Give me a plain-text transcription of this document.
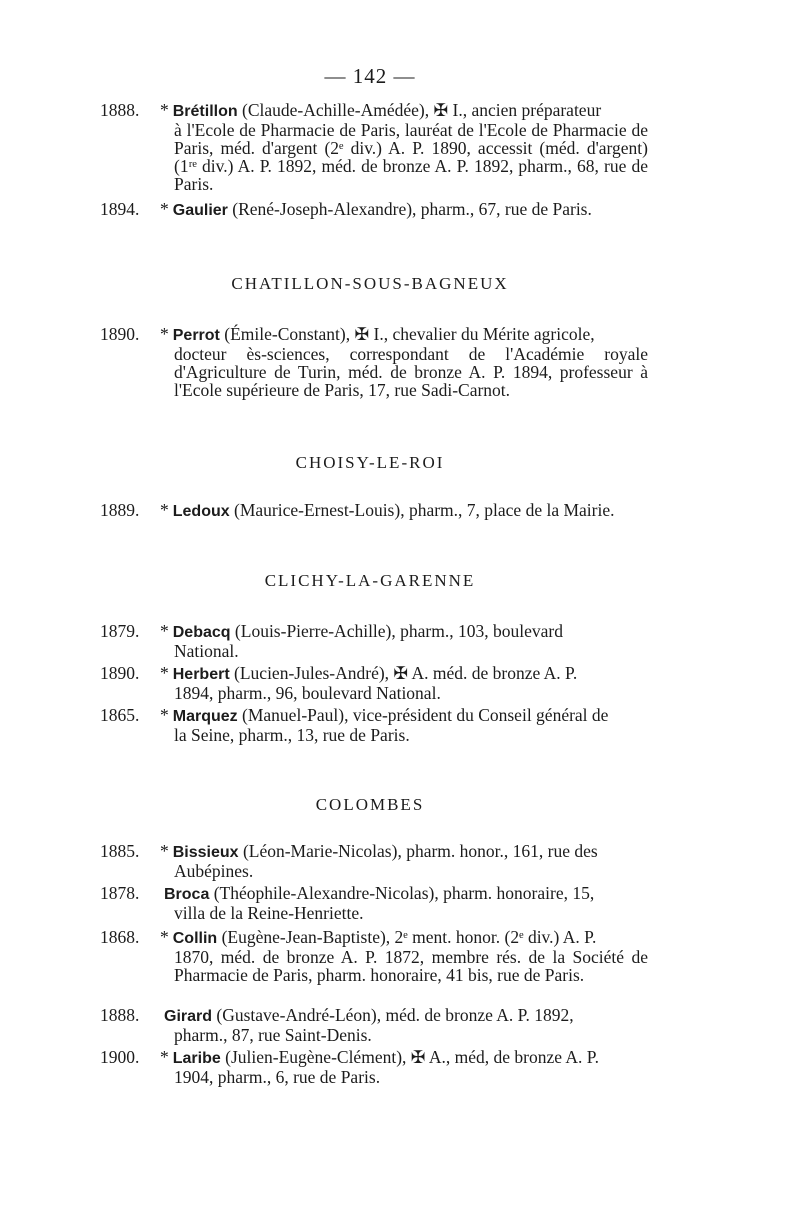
— 142 —
1888.	* Brétillon (Claude-Achille-Amédée), ✠ I., ancien préparateur
à l'Ecole de Pharmacie de Paris, lauréat de l'Ecole de Pharmacie de Paris, méd. d'argent (2ᵉ div.) A. P. 1890, accessit (méd. d'argent) (1ʳᵉ div.) A. P. 1892, méd. de bronze A. P. 1892, pharm., 68, rue de Paris.
1894.	* Gaulier (René-Joseph-Alexandre), pharm., 67, rue de Paris.
CHATILLON-SOUS-BAGNEUX
1890.	* Perrot (Émile-Constant), ✠ I., chevalier du Mérite agricole,
docteur ès-sciences, correspondant de l'Académie royale d'Agriculture de Turin, méd. de bronze A. P. 1894, professeur à l'Ecole supérieure de Paris, 17, rue Sadi-Carnot.
CHOISY-LE-ROI
1889.	* Ledoux (Maurice-Ernest-Louis), pharm., 7, place de la Mairie.
CLICHY-LA-GARENNE
1879.	* Debacq (Louis-Pierre-Achille), pharm., 103, boulevard
National.
1890.	* Herbert (Lucien-Jules-André), ✠ A. méd. de bronze A. P.
1894, pharm., 96, boulevard National.
1865.	* Marquez (Manuel-Paul), vice-président du Conseil général de
la Seine, pharm., 13, rue de Paris.
COLOMBES
1885.	* Bissieux (Léon-Marie-Nicolas), pharm. honor., 161, rue des
Aubépines.
1878.	Broca (Théophile-Alexandre-Nicolas), pharm. honoraire, 15,
villa de la Reine-Henriette.
1868.	* Collin (Eugène-Jean-Baptiste), 2ᵉ ment. honor. (2ᵉ div.) A. P.
1870, méd. de bronze A. P. 1872, membre rés. de la Société de Pharmacie de Paris, pharm. honoraire, 41 bis, rue de Paris.
1888.	Girard (Gustave-André-Léon), méd. de bronze A. P. 1892,
pharm., 87, rue Saint-Denis.
1900.	* Laribe (Julien-Eugène-Clément), ✠ A., méd, de bronze A. P.
1904, pharm., 6, rue de Paris.
